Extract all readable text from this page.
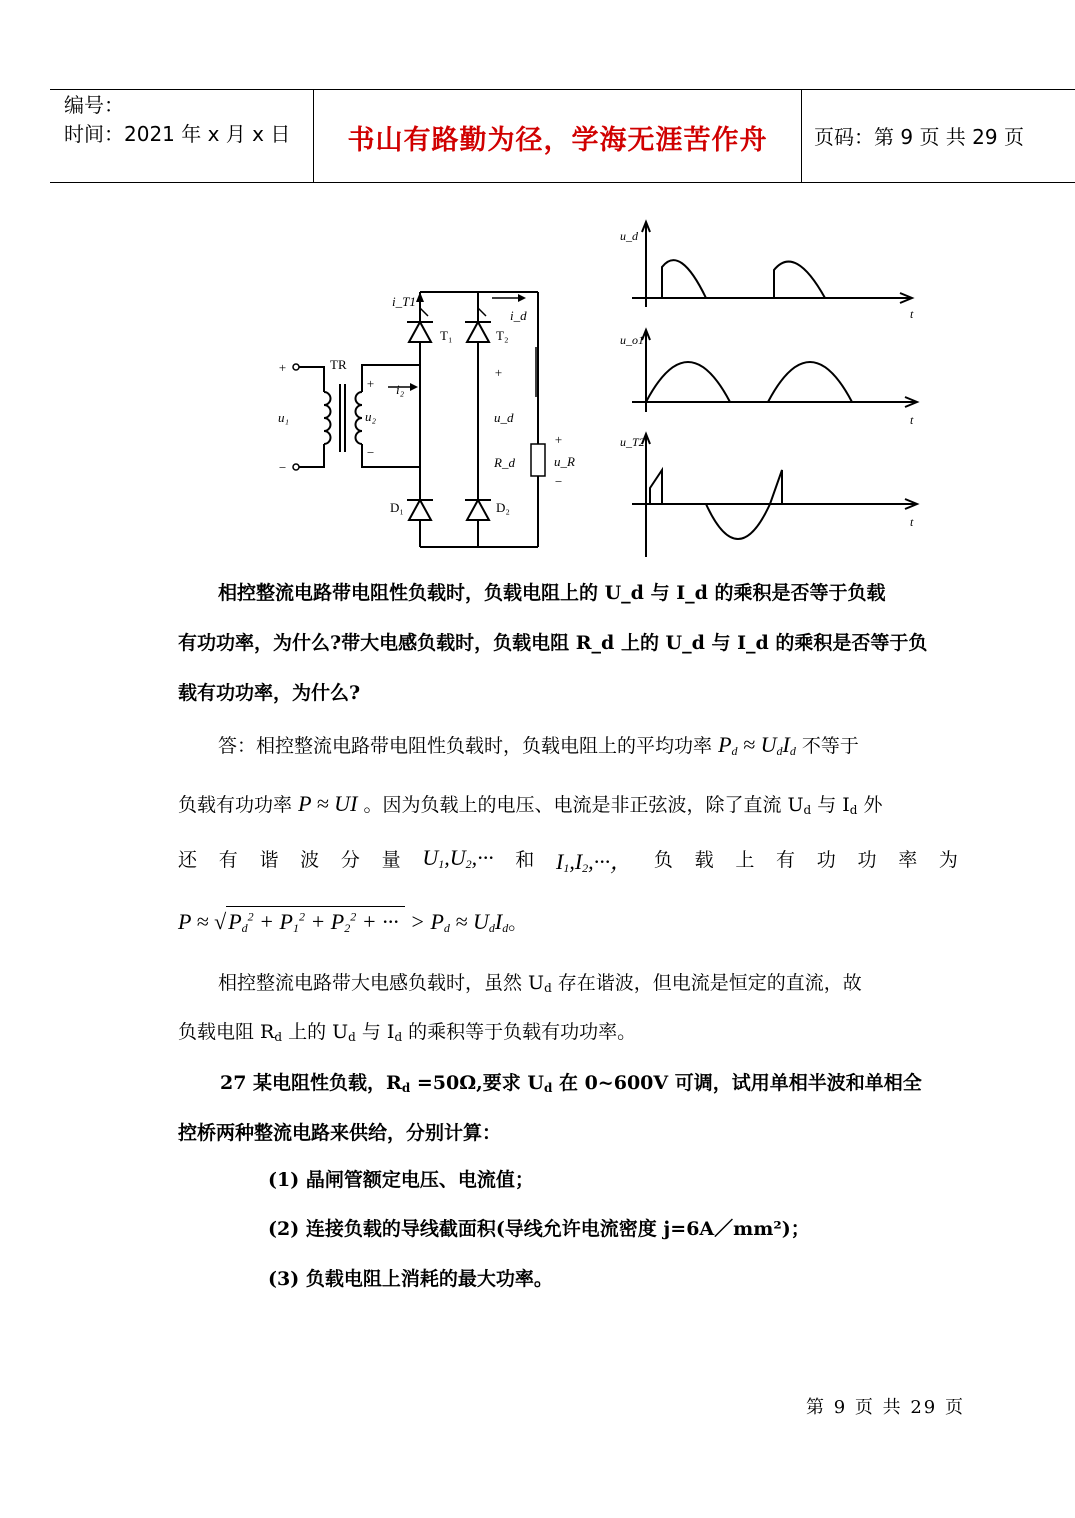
编号：
时间：2021 年 x 月 x 日	书山有路勤为径，学海无涯苦作舟	页码：第 9 页 共 29 页
+
−
u₁
TR
u₂
+
−
i₂
i_T1
i_d
T₁	T₂
D₁	D₂
+
u_d
R_d
+
u_R
−
u_d
u_o1
u_T2
t
t
t
相控整流电路带电阻性负载时，负载电阻上的 U_d 与 I_d 的乘积是否等于负载
有功功率，为什么?带大电感负载时，负载电阻 R_d 上的 U_d 与 I_d 的乘积是否等于负
载有功功率，为什么?
答：相控整流电路带电阻性负载时，负载电阻上的平均功率 $P_d \approx U_dI_d$ 不等于
负载有功功率 P ≈ UI 。因为负载上的电压、电流是非正弦波，除了直流 $U_d$ 与 $I_d$ 外
还 有 谐 波 分 量 $U_1,U_2,\cdot\cdot\cdot$ 和 $I_1,I_2,\cdot\cdot\cdot$， 负 载 上 有 功 功 率 为
$P \approx √P_d^2 + P_1^2 + P_2^2$ + ··· > $P_d \approx U_dI_d$。
相控整流电路带大电感负载时，虽然 $U_d$ 存在谐波，但电流是恒定的直流，故
负载电阻 $R_d$ 上的 $U_d$ 与 $I_d$ 的乘积等于负载有功功率。
27 某电阻性负载，$R_d =50\Omega$,要求 $U_d$ 在 0~600V 可调，试用单相半波和单相全
控桥两种整流电路来供给，分别计算：
(1) 晶闸管额定电压、电流值；
(2) 连接负载的导线截面积(导线允许电流密度 j=6A／mm²)；
(3) 负载电阻上消耗的最大功率。
第 9 页 共 29 页
